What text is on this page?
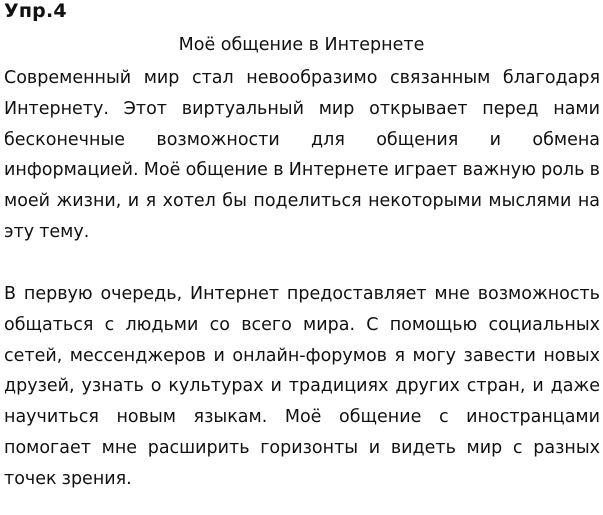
Упр.4
Моё общение в Интернете
Современный мир стал невообразимо связанным благодаря Интернету. Этот виртуальный мир открывает перед нами бесконечные возможности для общения и обмена информацией. Моё общение в Интернете играет важную роль в моей жизни, и я хотел бы поделиться некоторыми мыслями на эту тему.
В первую очередь, Интернет предоставляет мне возможность общаться с людьми со всего мира. С помощью социальных сетей, мессенджеров и онлайн-форумов я могу завести новых друзей, узнать о культурах и традициях других стран, и даже научиться новым языкам. Моё общение с иностранцами помогает мне расширить горизонты и видеть мир с разных точек зрения.
